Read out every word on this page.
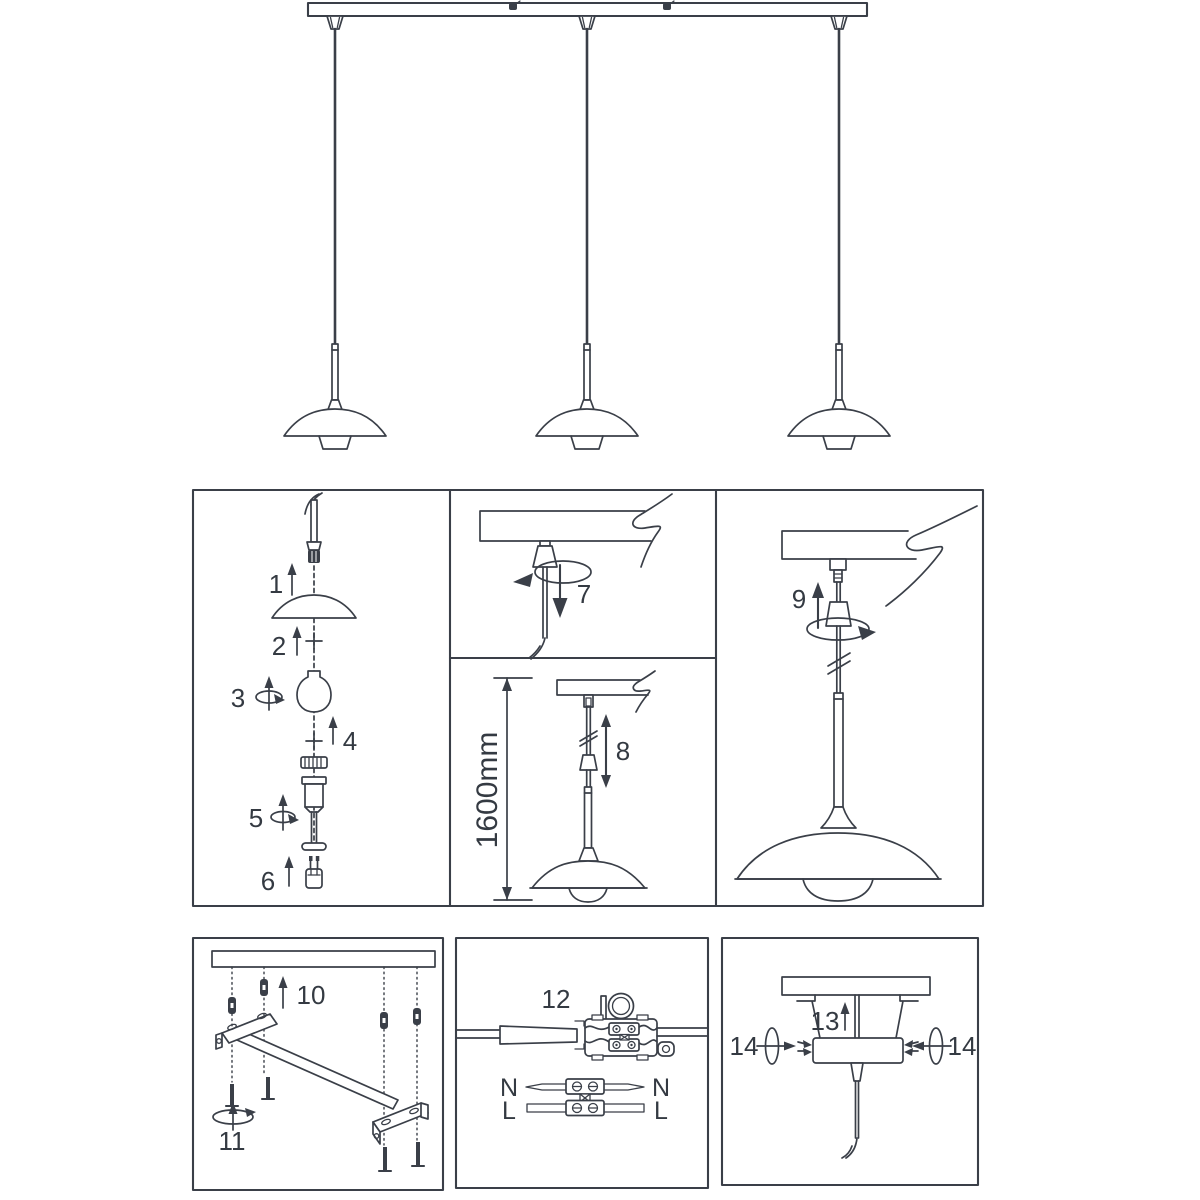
1
2
3
4
5
6
7
1600mm	8
9
10
11
12
N	N
L	L
13
14	14
